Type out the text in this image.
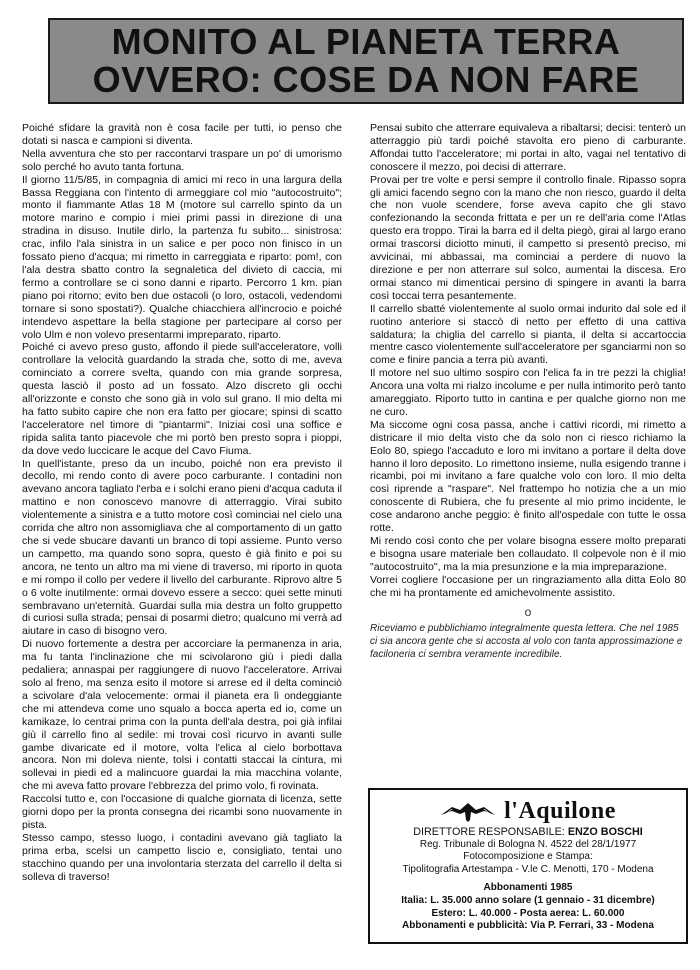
MONITO AL PIANETA TERRA
OVVERO: COSE DA NON FARE

Poiché sfidare la gravità non è cosa facile per tutti, io penso che dotati si nasca e campioni si diventa.

Nella avventura che sto per raccontarvi traspare un po' di umorismo solo perché ho avuto tanta fortuna.

Il giorno 11/5/85, in compagnia di amici mi reco in una largura della Bassa Reggiana con l'intento di armeggiare col mio "autocostruito"; monto il fiammante Atlas 18 M (motore sul carrello spinto da un motore marino e compio i miei primi passi in direzione di una stradina in disuso. Inutile dirlo, la partenza fu subito... sinistrosa: crac, infilo l'ala sinistra in un salice e per poco non finisco in un fossato pieno d'acqua; mi rimetto in carreggiata e riparto: pom!, con l'ala destra sbatto contro la segnaletica del divieto di caccia, mi fermo a controllare se ci sono danni e riparto. Percorro 1 km. pian piano poi ritorno; evito ben due ostacoli (o loro, ostacoli, vedendomi tornare si sono spostati?). Qualche chiacchiera all'incrocio e poiché intendevo aspettare la bella stagione per partecipare al corso per volo Ulm e non volevo presentarmi impreparato, riparto.

Poiché ci avevo preso gusto, affondo il piede sull'acceleratore, volli controllare la velocità guardando la strada che, sotto di me, aveva cominciato a correre svelta, quando con mia grande sorpresa, questa lasciò il posto ad un fossato. Alzo discreto gli occhi all'orizzonte e consto che sono già in volo sul grano. Il mio delta mi ha fatto subito capire che non era fatto per giocare; spinsi di scatto l'acceleratore nel timore di "piantarmi". Iniziai così una soffice e ripida salita tanto piacevole che mi portò ben presto sopra i pioppi, da dove vedo luccicare le acque del Cavo Fiuma.

In quell'istante, preso da un incubo, poiché non era previsto il decollo, mi rendo conto di avere poco carburante. I contadini non avevano ancora tagliato l'erba e i solchi erano pieni d'acqua caduta il mattino e non conoscevo manovre di atterraggio. Virai subito violentemente a sinistra e a tutto motore così cominciai nel cielo una corrida che altro non assomigliava che al comportamento di un gatto che si vede sbucare davanti un branco di topi assieme. Punto verso un campetto, ma quando sono sopra, questo è già finito e poi su ancora, ne tento un altro ma mi viene di traverso, mi riporto in quota e mi rompo il collo per vedere il livello del carburante. Riprovo altre 5 o 6 volte inutilmente: ormai dovevo essere a secco: quei sette minuti sembravano un'eternità. Guardai sulla mia destra un folto gruppetto di curiosi sulla strada; pensai di posarmi dietro; qualcuno mi verrà ad aiutare in caso di bisogno vero.

Di nuovo fortemente a destra per accorciare la permanenza in aria, ma fu tanta l'inclinazione che mi scivolarono giù i piedi dalla pedaliera; annaspai per raggiungere di nuovo l'acceleratore. Arrivai solo al freno, ma senza esito il motore si arrese ed il delta cominciò a scivolare d'ala velocemente: ormai il pianeta era lì ondeggiante che mi attendeva come uno squalo a bocca aperta ed io, come un kamikaze, lo centrai prima con la punta dell'ala destra, poi già infilai giù il carrello fino al sedile: mi trovai così ricurvo in avanti sulle gambe divaricate ed il motore, volta l'elica al cielo borbottava ancora. Non mi doleva niente, tolsi i contatti staccai la cintura, mi sollevai in piedi ed a malincuore guardai la mia macchina volante, che mi aveva fatto provare l'ebbrezza del primo volo, fi rovinata.

Raccolsi tutto e, con l'occasione di qualche giornata di licenza, sette giorni dopo per la pronta consegna dei ricambi sono nuovamente in pista.

Stesso campo, stesso luogo, i contadini avevano già tagliato la prima erba, scelsi un campetto liscio e, consigliato, tentai uno stacchino quando per una involontaria sterzata del carrello il delta si solleva di traverso!

Pensai subito che atterrare equivaleva a ribaltarsi; decisi: tenterò un atterraggio più tardi poiché stavolta ero pieno di carburante. Affondai tutto l'acceleratore; mi portai in alto, vagai nel tentativo di conoscere il mezzo, poi decisi di atterrare.

Provai per tre volte e persi sempre il controllo finale. Ripasso sopra gli amici facendo segno con la mano che non riesco, guardo il delta che non vuole scendere, forse aveva capito che gli stavo confezionando la seconda frittata e per un re dell'aria come l'Atlas questo era troppo. Tirai la barra ed il delta piegò, girai al largo erano ormai trascorsi diciotto minuti, il campetto si presentò preciso, mi avvicinai, mi abbassai, ma cominciai a perdere di nuovo la direzione e per non atterrare sul solco, aumentai la discesa. Ero ormai stanco mi dimenticai persino di spingere in avanti la barra così toccai terra pesantemente.

Il carrello sbatté violentemente al suolo ormai indurito dal sole ed il ruotino anteriore si staccò di netto per effetto di una cattiva saldatura; la chiglia del carrello si pianta, il delta si accartoccia mentre casco violentemente sull'acceleratore per sganciarmi non so come e finire pancia a terra più avanti.

Il motore nel suo ultimo sospiro con l'elica fa in tre pezzi la chiglia! Ancora una volta mi rialzo incolume e per nulla intimorito però tanto amareggiato. Riporto tutto in cantina e per qualche giorno non me ne curo.

Ma siccome ogni cosa passa, anche i cattivi ricordi, mi rimetto a districare il mio delta visto che da solo non ci riesco richiamo la Eolo 80, spiego l'accaduto e loro mi invitano a portare il delta dove hanno il loro deposito. Lo rimettono insieme, nulla esigendo tranne i ricambi, poi mi invitano a fare qualche volo con loro. Il mio delta così riprende a "raspare". Nel frattempo ho notizia che a un mio conoscente di Rubiera, che fu presente al mio primo incidente, le cose andarono anche peggio: è finito all'ospedale con tutte le ossa rotte.

Mi rendo così conto che per volare bisogna essere molto preparati e bisogna usare materiale ben collaudato. Il colpevole non è il mio "autocostruito", ma la mia presunzione e la mia impreparazione.

Vorrei cogliere l'occasione per un ringraziamento alla ditta Eolo 80 che mi ha prontamente ed amichevolmente assistito.

o
Riceviamo e pubblichiamo integralmente questa lettera. Che nel 1985 ci sia ancora gente che si accosta al volo con tanta approssimazione e faciloneria ci sembra veramente incredibile.
l'Aquilone
DIRETTORE RESPONSABILE: ENZO BOSCHI
Reg. Tribunale di Bologna N. 4522 del 28/1/1977
Fotocomposizione e Stampa:
Tipolitografia Artestampa - V.le C. Menotti, 170 - Modena
Abbonamenti 1985
Italia: L. 35.000 anno solare (1 gennaio - 31 dicembre)
Estero: L. 40.000 - Posta aerea: L. 60.000
Abbonamenti e pubblicità: Via P. Ferrari, 33 - Modena
